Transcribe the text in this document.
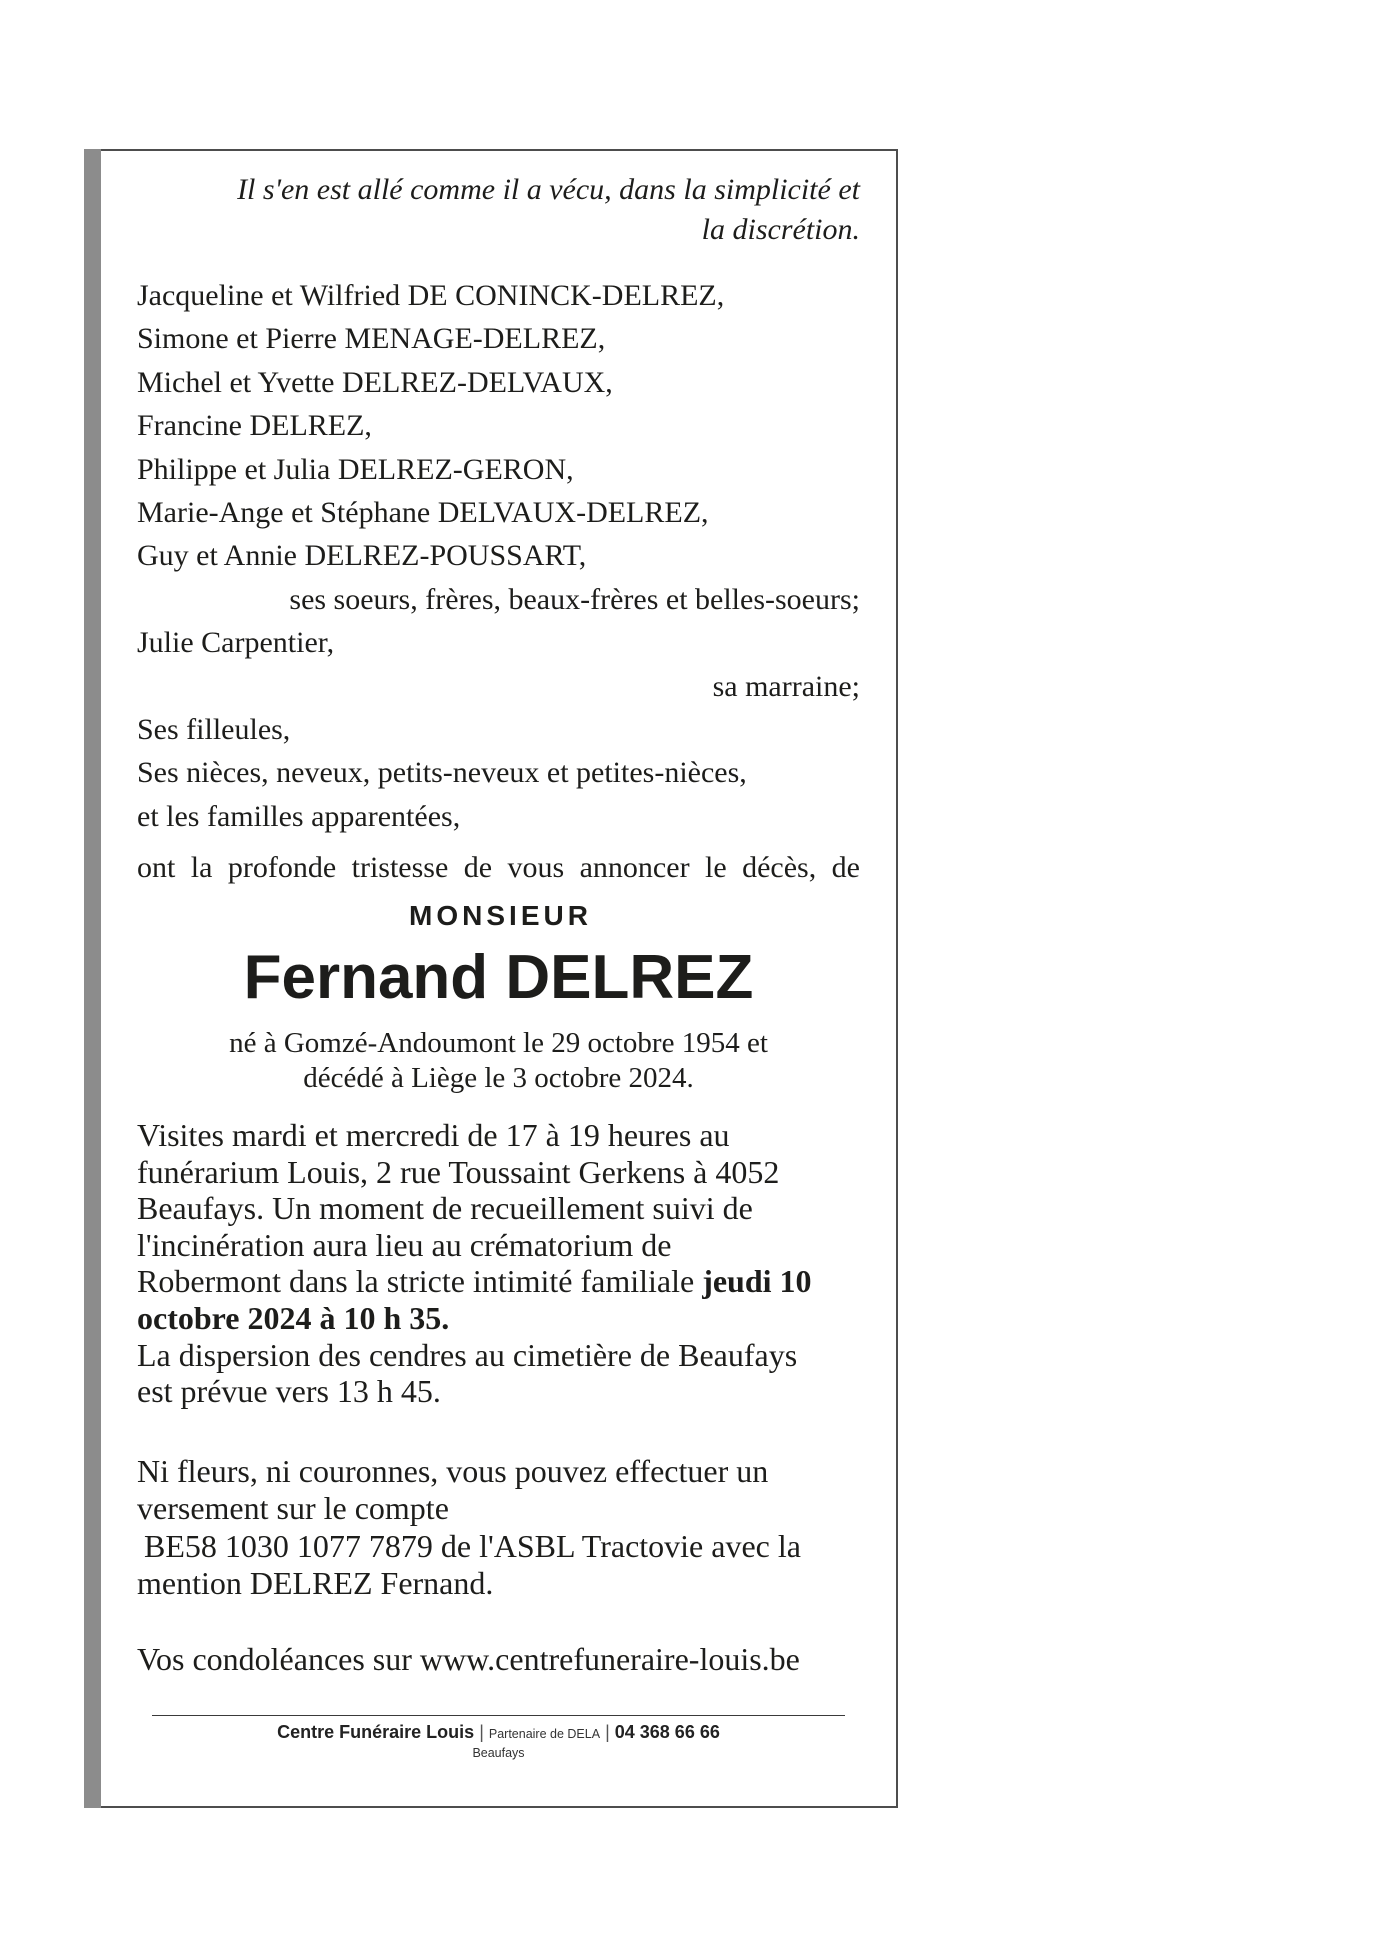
Il s'en est allé comme il a vécu, dans la simplicité et
la discrétion.
Jacqueline et Wilfried DE CONINCK-DELREZ,
Simone et Pierre MENAGE-DELREZ,
Michel et Yvette DELREZ-DELVAUX,
Francine DELREZ,
Philippe et Julia DELREZ-GERON,
Marie-Ange et Stéphane DELVAUX-DELREZ,
Guy et Annie DELREZ-POUSSART,
ses soeurs, frères, beaux-frères et belles-soeurs;
Julie Carpentier,
sa marraine;
Ses filleules,
Ses nièces, neveux, petits-neveux et petites-nièces,
et les familles apparentées,
ont la profonde tristesse de vous annoncer le décès, de
MONSIEUR
Fernand DELREZ
né à Gomzé-Andoumont le 29 octobre 1954 et
décédé à Liège le 3 octobre 2024.
Visites mardi et mercredi de 17 à 19 heures au
funérarium Louis, 2 rue Toussaint Gerkens à 4052
Beaufays. Un moment de recueillement suivi de
l'incinération aura lieu au crématorium de
Robermont dans la stricte intimité familiale jeudi 10
octobre 2024 à 10 h 35.
La dispersion des cendres au cimetière de Beaufays
est prévue vers 13 h 45.
Ni fleurs, ni couronnes, vous pouvez effectuer un
versement sur le compte
BE58 1030 1077 7879 de l'ASBL Tractovie avec la
mention DELREZ Fernand.
Vos condoléances sur www.centrefuneraire-louis.be
Centre Funéraire Louis | Partenaire de DELA | 04 368 66 66
Beaufays
